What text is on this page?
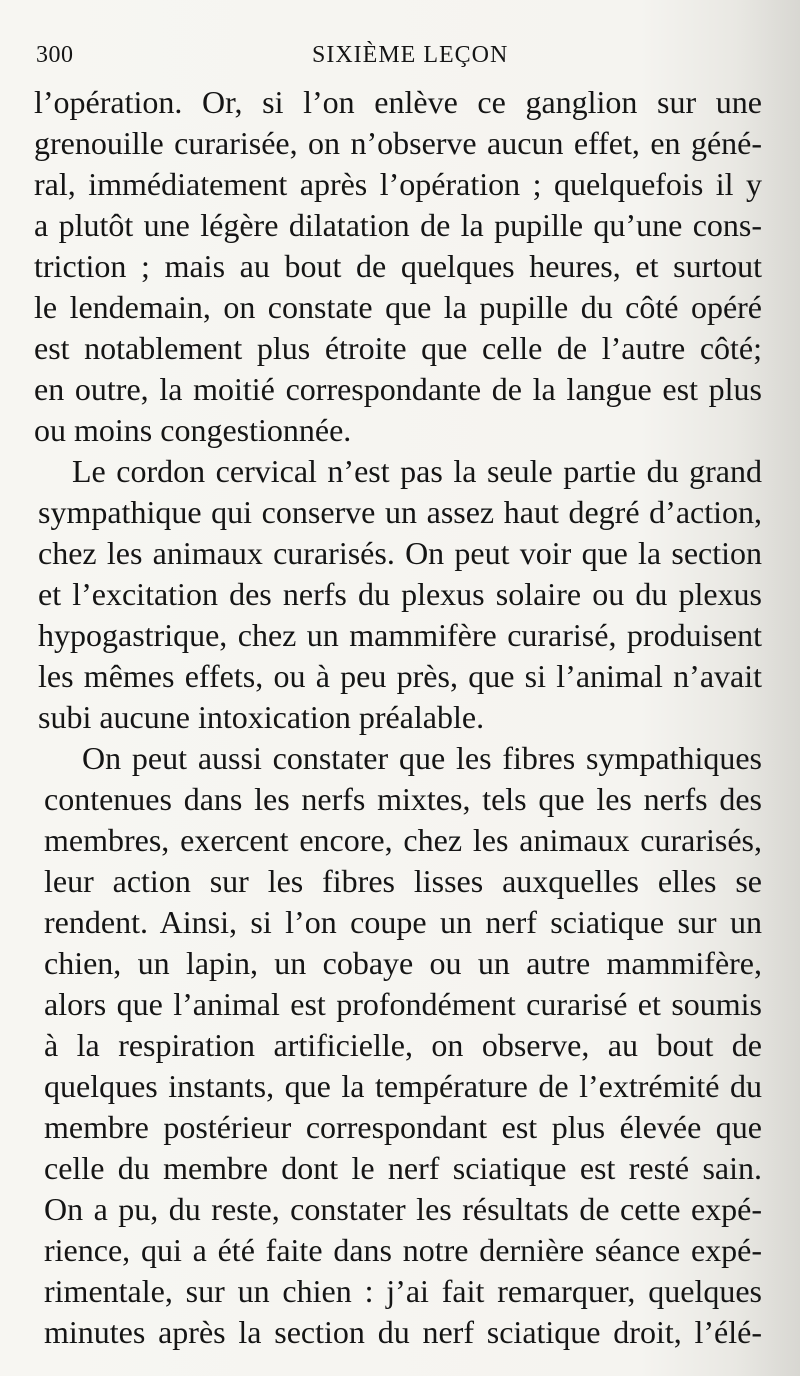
300	SIXIÈME LEÇON
l’opération. Or, si l’on enlève ce ganglion sur une
grenouille curarisée, on n’observe aucun effet, en géné-
ral, immédiatement après l’opération ; quelquefois il y
a plutôt une légère dilatation de la pupille qu’une cons-
triction ; mais au bout de quelques heures, et surtout
le lendemain, on constate que la pupille du côté opéré
est notablement plus étroite que celle de l’autre côté;
en outre, la moitié correspondante de la langue est plus
ou moins congestionnée.
Le cordon cervical n’est pas la seule partie du grand
sympathique qui conserve un assez haut degré d’action,
chez les animaux curarisés. On peut voir que la section
et l’excitation des nerfs du plexus solaire ou du plexus
hypogastrique, chez un mammifère curarisé, produisent
les mêmes effets, ou à peu près, que si l’animal n’avait
subi aucune intoxication préalable.
On peut aussi constater que les fibres sympathiques
contenues dans les nerfs mixtes, tels que les nerfs des
membres, exercent encore, chez les animaux curarisés,
leur action sur les fibres lisses auxquelles elles se
rendent. Ainsi, si l’on coupe un nerf sciatique sur un
chien, un lapin, un cobaye ou un autre mammifère,
alors que l’animal est profondément curarisé et soumis
à la respiration artificielle, on observe, au bout de
quelques instants, que la température de l’extrémité du
membre postérieur correspondant est plus élevée que
celle du membre dont le nerf sciatique est resté sain.
On a pu, du reste, constater les résultats de cette expé-
rience, qui a été faite dans notre dernière séance expé-
rimentale, sur un chien : j’ai fait remarquer, quelques
minutes après la section du nerf sciatique droit, l’élé-
